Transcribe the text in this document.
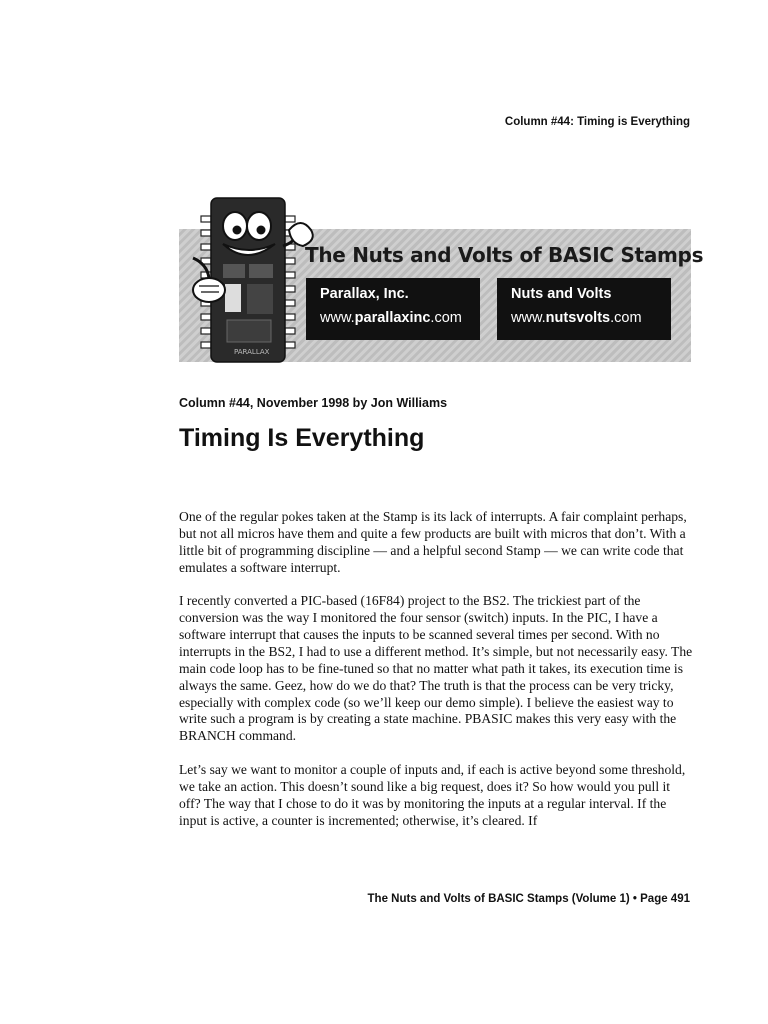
Column #44: Timing is Everything
PARALLAX
The Nuts and Volts of BASIC Stamps
Parallax, Inc.
www.parallaxinc.com
Nuts and Volts
www.nutsvolts.com
Column #44, November 1998 by Jon Williams
Timing Is Everything

One of the regular pokes taken at the Stamp is its lack of interrupts. A fair complaint perhaps, but not all micros have them and quite a few products are built with micros that don’t. With a little bit of programming discipline — and a helpful second Stamp — we can write code that emulates a software interrupt.

I recently converted a PIC-based (16F84) project to the BS2. The trickiest part of the conversion was the way I monitored the four sensor (switch) inputs. In the PIC, I have a software interrupt that causes the inputs to be scanned several times per second. With no interrupts in the BS2, I had to use a different method. It’s simple, but not necessarily easy. The main code loop has to be fine-tuned so that no matter what path it takes, its execution time is always the same. Geez, how do we do that? The truth is that the process can be very tricky, especially with complex code (so we’ll keep our demo simple). I believe the easiest way to write such a program is by creating a state machine. PBASIC makes this very easy with the BRANCH command.

Let’s say we want to monitor a couple of inputs and, if each is active beyond some threshold, we take an action. This doesn’t sound like a big request, does it? So how would you pull it off? The way that I chose to do it was by monitoring the inputs at a regular interval. If the input is active, a counter is incremented; otherwise, it’s cleared. If

The Nuts and Volts of BASIC Stamps (Volume 1) • Page 491
